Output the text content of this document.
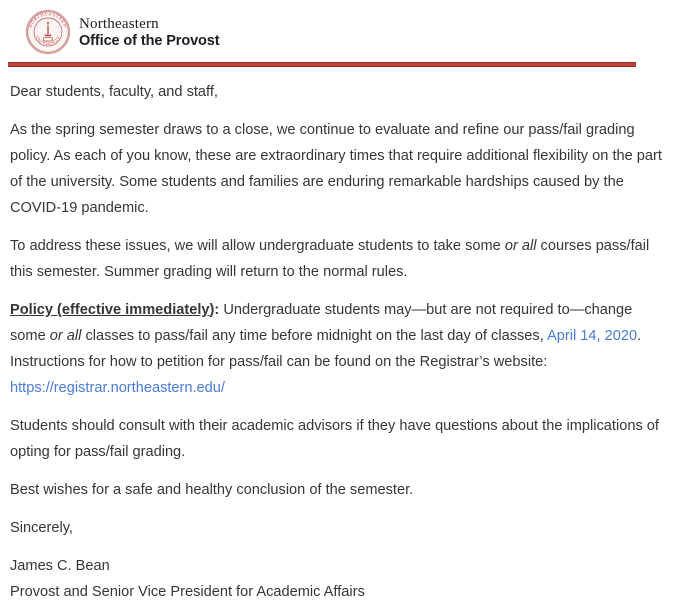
NORTHEASTERN
UNIVERSITY
Northeastern
Office of the Provost

Dear students, faculty, and staff,

As the spring semester draws to a close, we continue to evaluate and refine our pass/fail grading policy. As each of you know, these are extraordinary times that require additional flexibility on the part of the university. Some students and families are enduring remarkable hardships caused by the COVID-19 pandemic.

To address these issues, we will allow undergraduate students to take some or all courses pass/fail this semester. Summer grading will return to the normal rules.

Policy (effective immediately): Undergraduate students may—but are not required to—change some or all classes to pass/fail any time before midnight on the last day of classes, April 14, 2020. Instructions for how to petition for pass/fail can be found on the Registrar’s website: https://registrar.northeastern.edu/

Students should consult with their academic advisors if they have questions about the implications of opting for pass/fail grading.

Best wishes for a safe and healthy conclusion of the semester.

Sincerely,

James C. Bean
Provost and Senior Vice President for Academic Affairs
